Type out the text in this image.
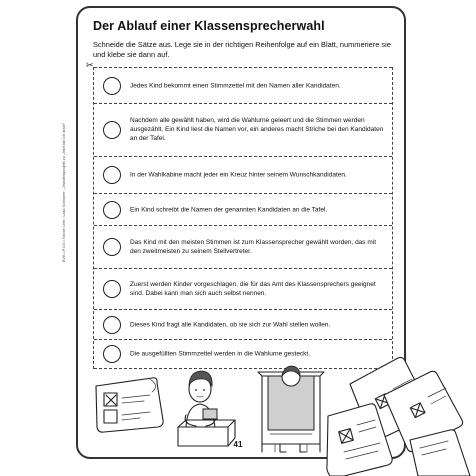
Der Ablauf einer Klassensprecherwahl
Schneide die Sätze aus. Lege sie in der richtigen Reihenfolge auf ein Blatt, nummeriere sie und klebe sie dann auf.
✂
Jedes Kind bekommt einen Stimmzettel mit den Namen aller Kandidaten.
Nachdem alle gewählt haben, wird die Wahlurne geleert und die Stimmen werden ausgezählt. Ein Kind liest die Namen vor, ein anderes macht Striche bei den Kandidaten an der Tafel.
In der Wahlkabine macht jeder ein Kreuz hinter seinem Wunschkandidaten.
Ein Kind schreibt die Namen der genannten Kandidaten an die Tafel.
Das Kind mit den meisten Stimmen ist zum Klassensprecher gewählt worden, das mit den zweitmeisten zu seinem Stellvertreter.
Zuerst werden Kinder vorgeschlagen, die für das Amt des Klassensprechers geeignet sind. Dabei kann man sich auch selbst nennen.
Dieses Kind fragt alle Kandidaten, ob sie sich zur Wahl stellen wollen.
Die ausgefüllten Stimmzettel werden in die Wahlurne gesteckt.
BVK LP103 • Nicole Lehr / Laila Schlomer: „Jeandleaprojekt zu „Jetzt bin ich dran!“
41
